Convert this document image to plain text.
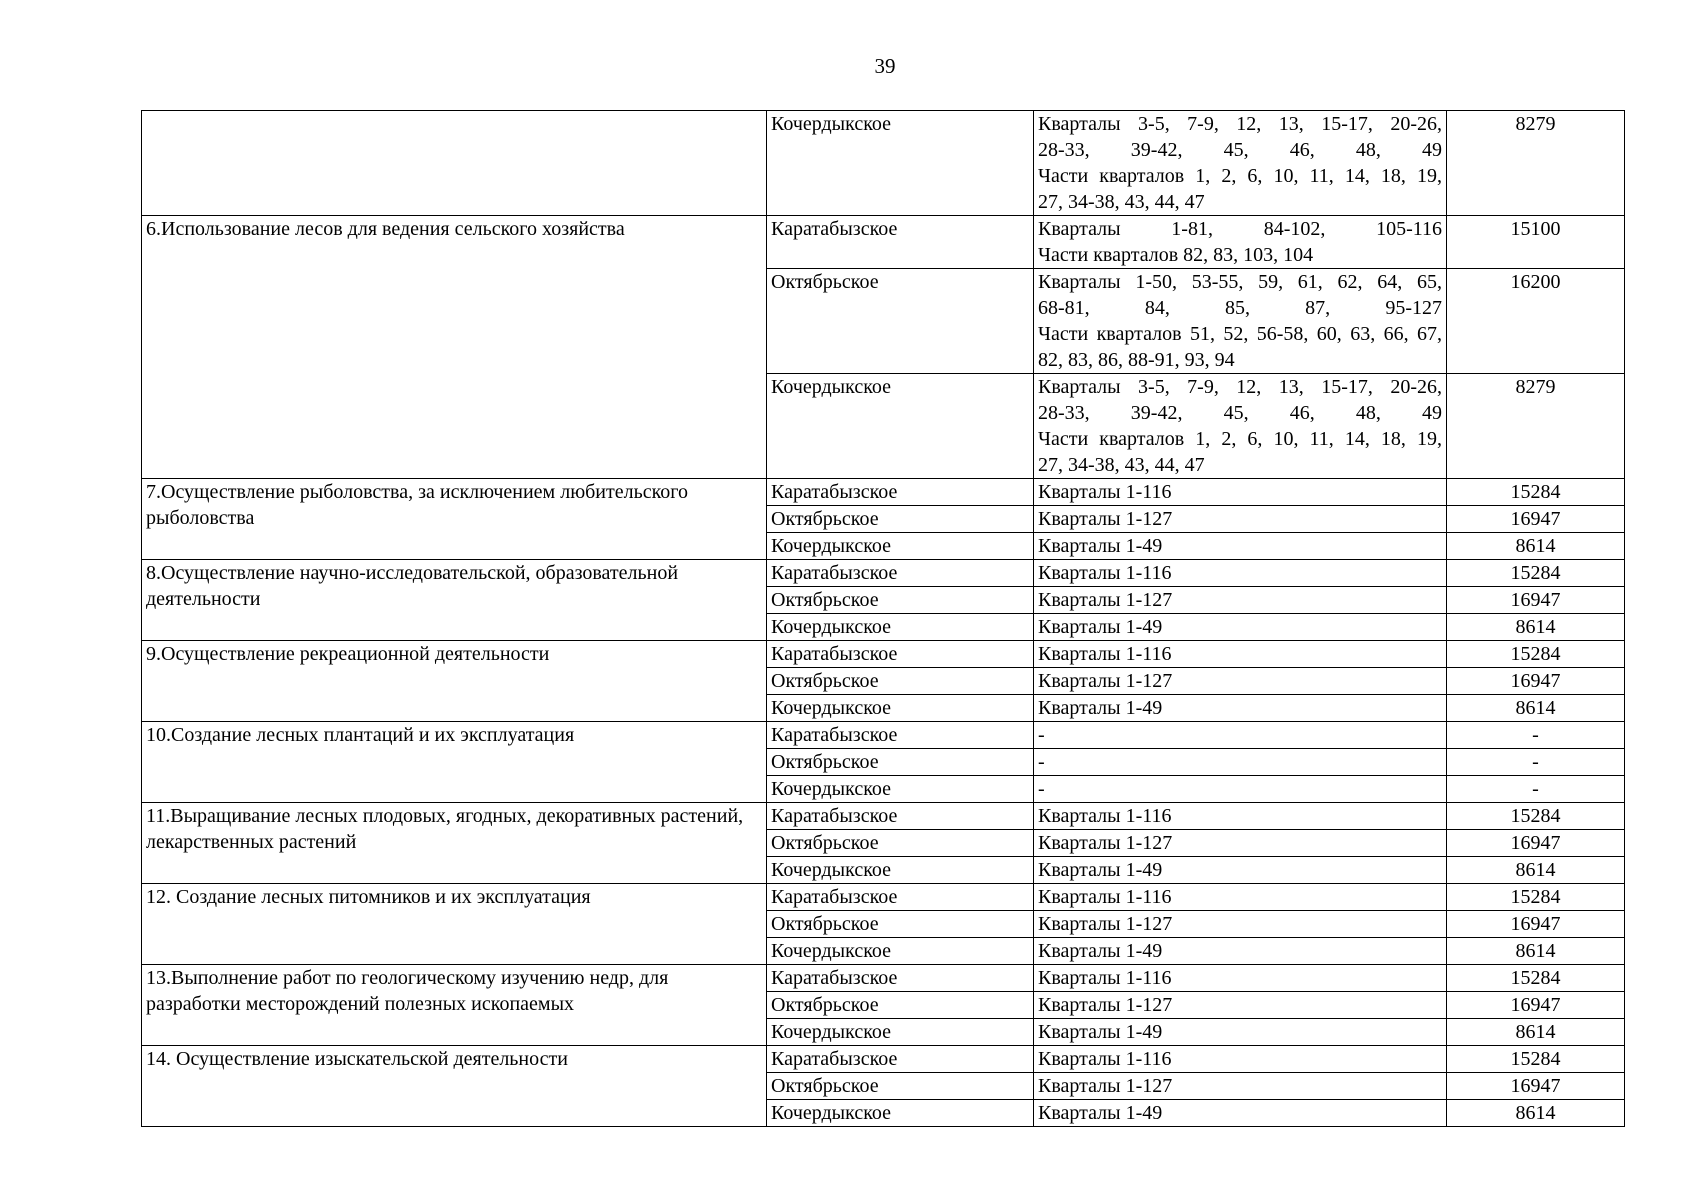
39
	Кочердыкское	Кварталы 3-5, 7-9, 12, 13, 15-17, 20-26,
28-33, 39-42, 45, 46, 48, 49
Части кварталов 1, 2, 6, 10, 11, 14, 18, 19,
27, 34-38, 43, 44, 47	8279
6.Использование лесов для ведения сельского хозяйства	Каратабызское	Кварталы 1-81, 84-102, 105-116
Части кварталов 82, 83, 103, 104	15100
	Октябрьское	Кварталы 1-50, 53-55, 59, 61, 62, 64, 65,
68-81, 84, 85, 87, 95-127
Части кварталов 51, 52, 56-58, 60, 63, 66, 67,
82, 83, 86, 88-91, 93, 94	16200
	Кочердыкское	Кварталы 3-5, 7-9, 12, 13, 15-17, 20-26,
28-33, 39-42, 45, 46, 48, 49
Части кварталов 1, 2, 6, 10, 11, 14, 18, 19,
27, 34-38, 43, 44, 47	8279
7.Осуществление рыболовства, за исключением любительского рыболовства	Каратабызское	Кварталы 1-116	15284
	Октябрьское	Кварталы 1-127	16947
	Кочердыкское	Кварталы 1-49	8614
8.Осуществление научно-исследовательской, образовательной деятельности	Каратабызское	Кварталы 1-116	15284
	Октябрьское	Кварталы 1-127	16947
	Кочердыкское	Кварталы 1-49	8614
9.Осуществление рекреационной деятельности	Каратабызское	Кварталы 1-116	15284
	Октябрьское	Кварталы 1-127	16947
	Кочердыкское	Кварталы 1-49	8614
10.Создание лесных плантаций и их эксплуатация	Каратабызское	-	-
	Октябрьское	-	-
	Кочердыкское	-	-
11.Выращивание лесных плодовых, ягодных, декоративных растений, лекарственных растений	Каратабызское	Кварталы 1-116	15284
	Октябрьское	Кварталы 1-127	16947
	Кочердыкское	Кварталы 1-49	8614
12. Создание лесных питомников и их эксплуатация	Каратабызское	Кварталы 1-116	15284
	Октябрьское	Кварталы 1-127	16947
	Кочердыкское	Кварталы 1-49	8614
13.Выполнение работ по геологическому изучению недр, для разработки месторождений полезных ископаемых	Каратабызское	Кварталы 1-116	15284
	Октябрьское	Кварталы 1-127	16947
	Кочердыкское	Кварталы 1-49	8614
14. Осуществление изыскательской деятельности	Каратабызское	Кварталы 1-116	15284
	Октябрьское	Кварталы 1-127	16947
	Кочердыкское	Кварталы 1-49	8614
